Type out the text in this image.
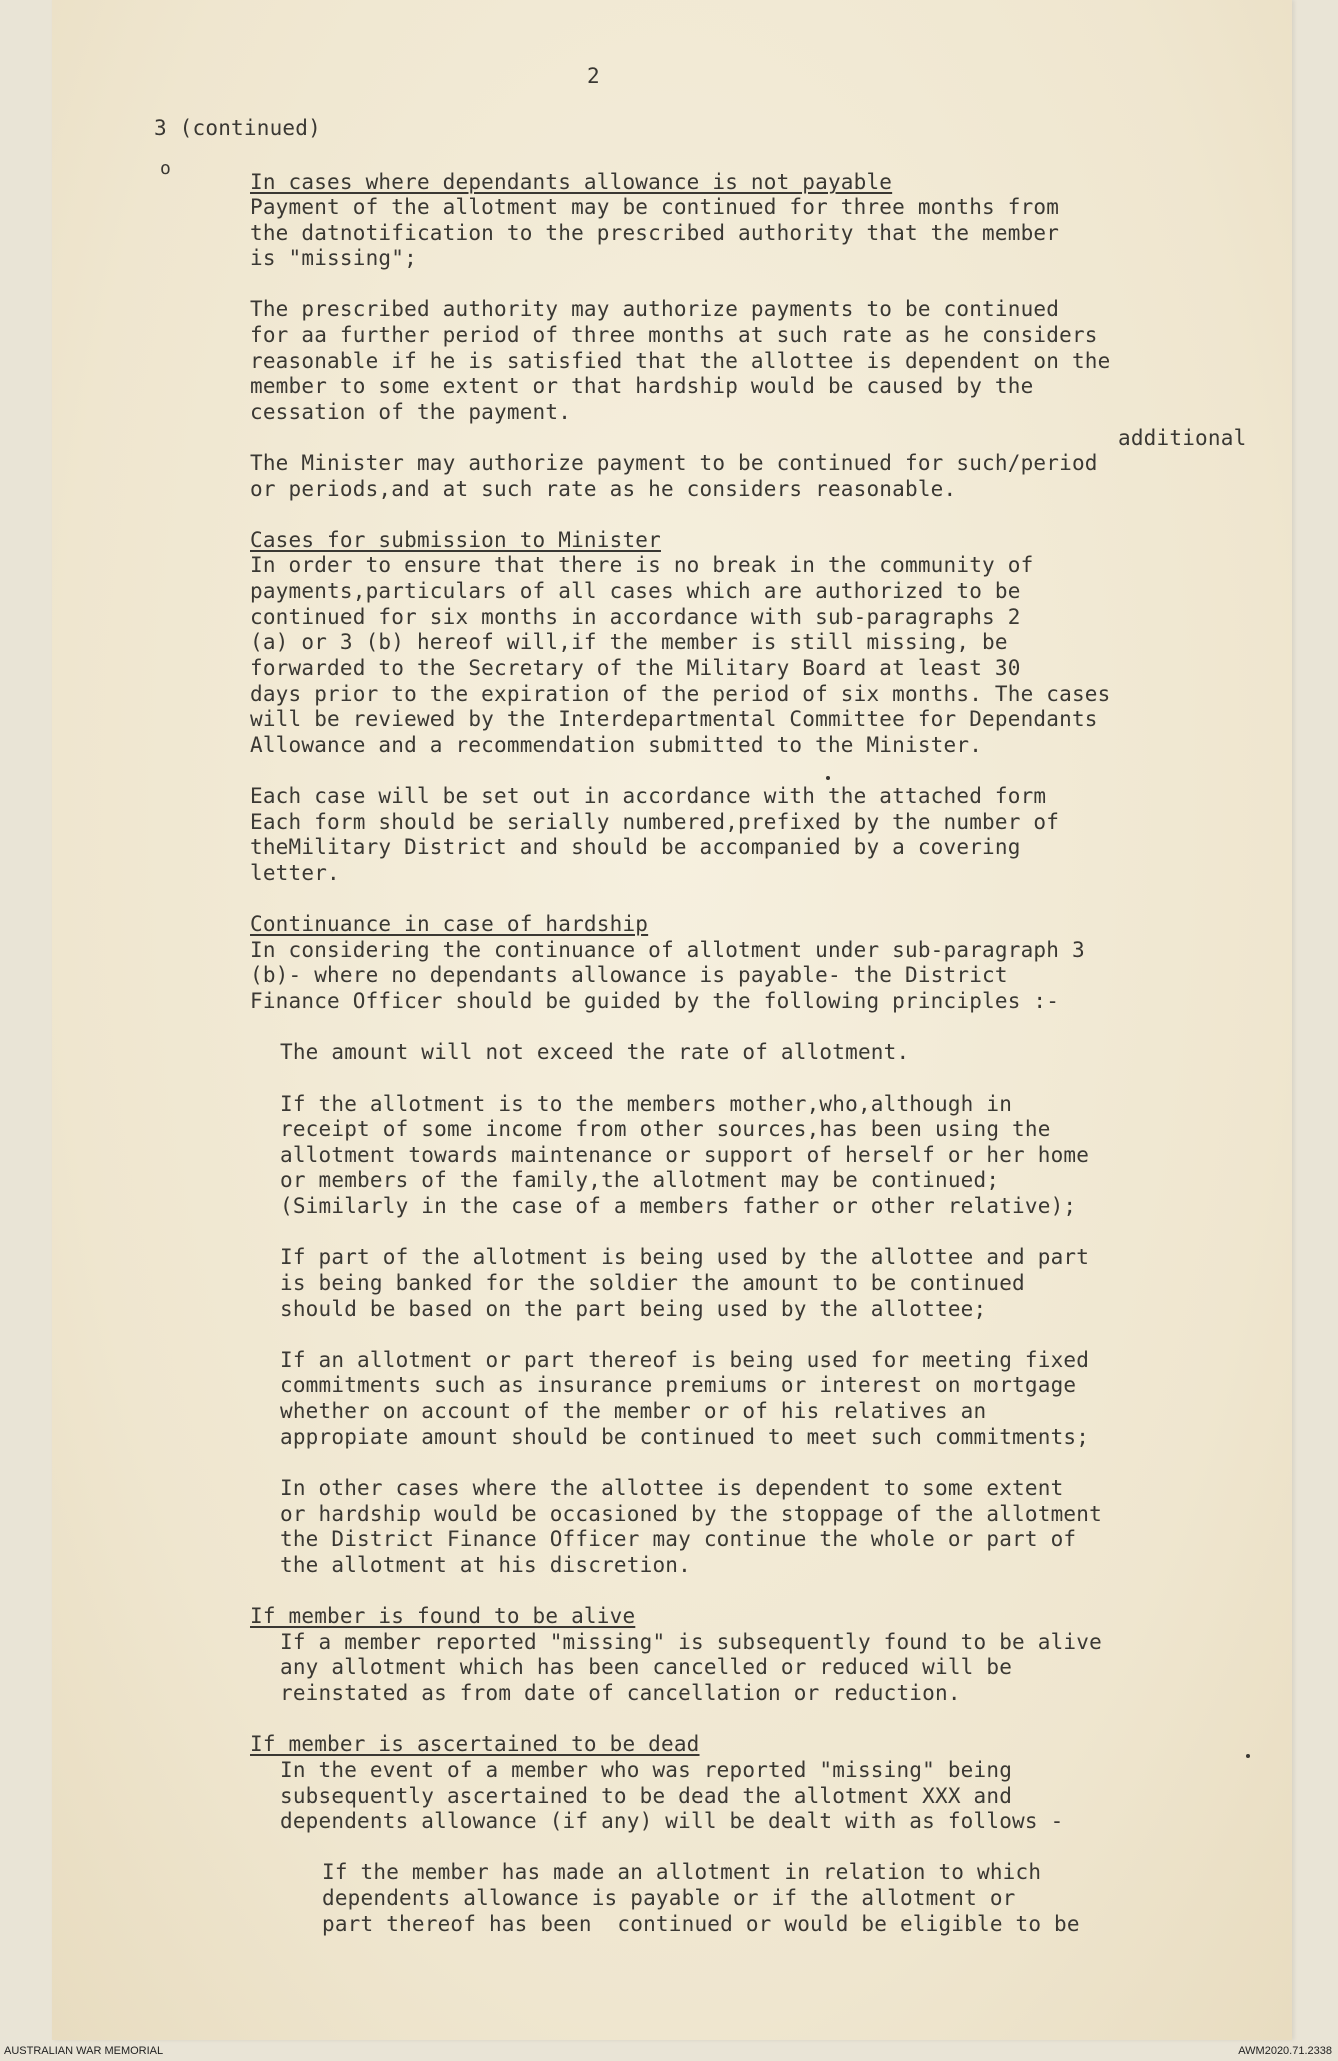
2

3 (continued)

o

In cases where dependants allowance is not payable

Payment of the allotment may be continued for three months from

the datnotification to the prescribed authority that the member

is "missing";

The prescribed authority may authorize payments to be continued

for aa further period of three months at such rate as he considers

reasonable if he is satisfied that the allottee is dependent on the

member to some extent or that hardship would be caused by the

cessation of the payment.

additional

The Minister may authorize payment to be continued for such/period

or periods,and at such rate as he considers reasonable.

Cases for submission to Minister

In order to ensure that there is no break in the community of

payments,particulars of all cases which are authorized to be

continued for six months in accordance with sub-paragraphs 2

(a) or 3 (b) hereof will,if the member is still missing, be

forwarded to the Secretary of the Military Board at least 30

days prior to the expiration of the period of six months. The cases

will be reviewed by the Interdepartmental Committee for Dependants

Allowance and a recommendation submitted to the Minister.

Each case will be set out in accordance with the attached form

Each form should be serially numbered,prefixed by the number of

theMilitary District and should be accompanied by a covering

letter.

Continuance in case of hardship

In considering the continuance of allotment under sub-paragraph 3

(b)- where no dependants allowance is payable- the District

Finance Officer should be guided by the following principles :-

The amount will not exceed the rate of allotment.

If the allotment is to the members mother,who,although in

receipt of some income from other sources,has been using the

allotment towards maintenance or support of herself or her home

or members of the family,the allotment may be continued;

(Similarly in the case of a members father or other relative);

If part of the allotment is being used by the allottee and part

is being banked for the soldier the amount to be continued

should be based on the part being used by the allottee;

If an allotment or part thereof is being used for meeting fixed

commitments such as insurance premiums or interest on mortgage

whether on account of the member or of his relatives an

appropiate amount should be continued to meet such commitments;

In other cases where the allottee is dependent to some extent

or hardship would be occasioned by the stoppage of the allotment

the District Finance Officer may continue the whole or part of

the allotment at his discretion.

If member is found to be alive

If a member reported "missing" is subsequently found to be alive

any allotment which has been cancelled or reduced will be

reinstated as from date of cancellation or reduction.

If member is ascertained to be dead

In the event of a member who was reported "missing" being

subsequently ascertained to be dead the allotment XXX and

dependents allowance (if any) will be dealt with as follows -

If the member has made an allotment in relation to which

dependents allowance is payable or if the allotment or

part thereof has been  continued or would be eligible to be

AUSTRALIAN WAR MEMORIAL	AWM2020.71.2338
